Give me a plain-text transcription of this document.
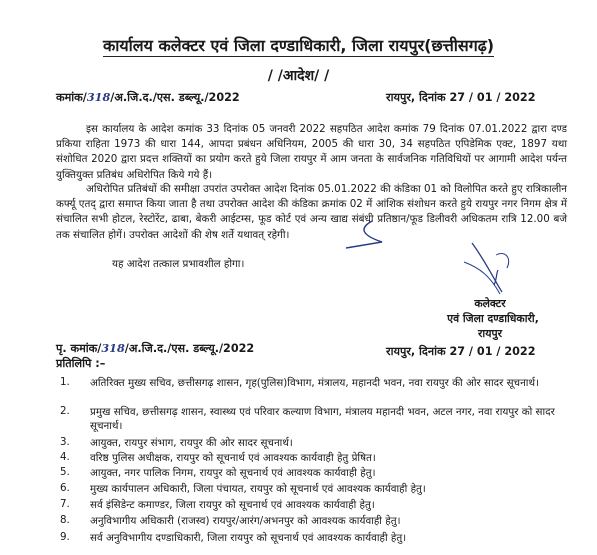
कार्यालय कलेक्टर एवं जिला दण्डाधिकारी, जिला रायपुर(छत्तीसगढ़)
/ /आदेश/ /
कमांक/318/अ.जि.द./एस. डब्ल्यू./2022	रायपुर, दिनांक 27 / 01 / 2022
इस कार्यालय के आदेश कमांक 33 दिनांक 05 जनवरी 2022 सहपठित आदेश कमांक 79 दिनांक 07.01.2022 द्वारा दण्ड प्रकिया राहिता 1973 की धारा 144, आपदा प्रबंधन अधिनियम, 2005 की धारा 30, 34 सहपठित एपिडेमिक एक्ट, 1897 यथा संशोधित 2020 द्वारा प्रदत्त शक्तियों का प्रयोग करते हुये जिला रायपुर में आम जनता के सार्वजनिक गतिविधियों पर आगामी आदेश पर्यन्त युक्तियुक्त प्रतिबंध अधिरोपित किये गये हैं।
अधिरोपित प्रतिबंधों की समीक्षा उपरांत उपरोक्त आदेश दिनांक 05.01.2022 की कंडिका 01 को विलोपित करते हुए रात्रिकालीन कर्फ्यू एतद् द्वारा समाप्त किया जाता है तथा उपरोक्त आदेश की कंडिका क्रमांक 02 में आंशिक संशोधन करते हुये रायपुर नगर निगम क्षेत्र में संचालित सभी होटल, रेस्टोरेंट, ढाबा, बेकरी आईटम्स, फूड कोर्ट एवं अन्य खाद्य संबंधी प्रतिष्ठान/फूड डिलीवरी अधिकतम रात्रि 12.00 बजे तक संचालित होगें। उपरोक्त आदेशों की शेष शर्ते यथावत् रहेगी।
यह आदेश तत्काल प्रभावशील होगा।
कलेक्टर
एवं जिला दण्डाधिकारी,
रायपुर
पृ. कमांक/318/अ.जि.द./एस. डब्ल्यू./2022	रायपुर, दिनांक 27 / 01 / 2022
प्रतिलिपि :–
1. अतिरिक्त मुख्य सचिव, छत्तीसगढ़ शासन, गृह(पुलिस)विभाग, मंत्रालय, महानदी भवन, नवा रायपुर की ओर सादर सूचनार्थ।
2. प्रमुख सचिव, छत्तीसगढ़ शासन, स्वास्थ्य एवं परिवार कल्याण विभाग, मंत्रालय महानदी भवन, अटल नगर, नवा रायपुर को सादर सूचनार्थ।
3. आयुक्त, रायपुर संभाग, रायपुर की ओर सादर सूचनार्थ।
4. वरिष्ठ पुलिस अधीक्षक, रायपुर को सूचनार्थ एवं आवश्यक कार्यवाही हेतु प्रेषित।
5. आयुक्त, नगर पालिक निगम, रायपुर को सूचनार्थ एवं आवश्यक कार्यवाही हेतु।
6. मुख्य कार्यपालन अधिकारी, जिला पंचायत, रायपुर को सूचनार्थ एवं आवश्यक कार्यवाही हेतु।
7. सर्व इंसिडेन्ट कमाण्डर, जिला रायपुर को सूचनार्थ एवं आवश्यक कार्यवाही हेतु।
8. अनुविभागीय अधिकारी (राजस्व) रायपुर/आरंग/अभनपुर को आवश्यक कार्यवाही हेतु।
9. सर्व अनुविभागीय दण्डाधिकारी, जिला रायपुर को सूचनार्थ एवं आवश्यक कार्यवाही हेतु।
